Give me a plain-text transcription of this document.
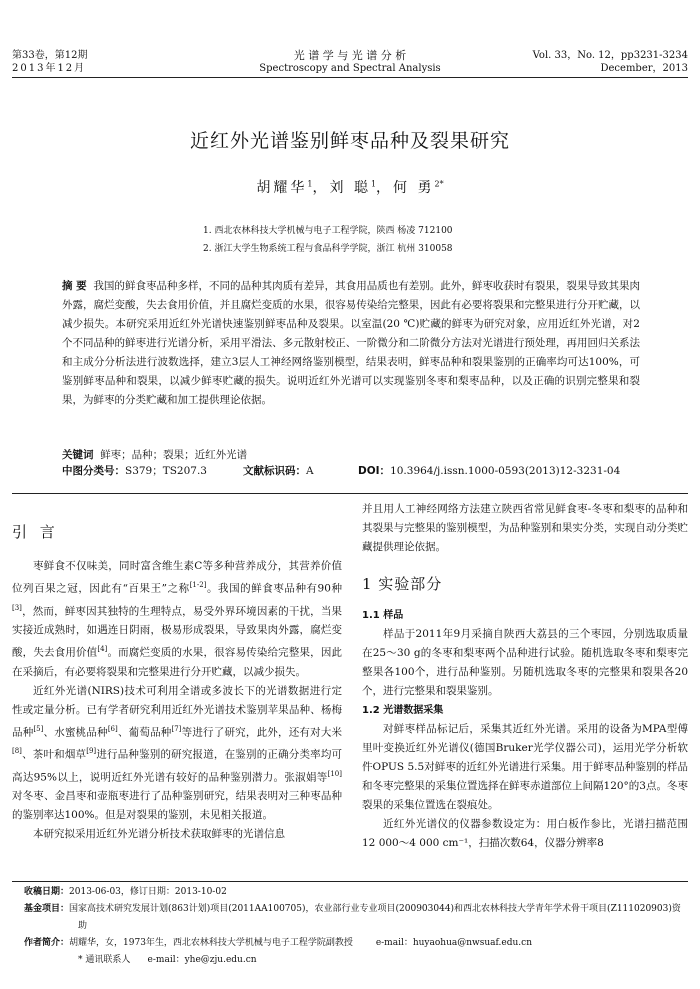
第33卷，第12期
2013年12月
光 谱 学 与 光 谱 分 析
Spectroscopy and Spectral Analysis
Vol. 33，No. 12，pp3231-3234
December，2013
近红外光谱鉴别鲜枣品种及裂果研究
胡耀华$^1$，刘 聪$^1$，何 勇$^{2*}$
1. 西北农林科技大学机械与电子工程学院，陕西 杨凌 712100
2. 浙江大学生物系统工程与食品科学学院，浙江 杭州 310058
摘 要 我国的鲜食枣品种多样，不同的品种其肉质有差异，其食用品质也有差别。此外，鲜枣收获时有裂果，裂果导致其果肉外露，腐烂变酸，失去食用价值，并且腐烂变质的水果，很容易传染给完整果，因此有必要将裂果和完整果进行分开贮藏，以减少损失。本研究采用近红外光谱快速鉴别鲜枣品种及裂果。以室温(20 ℃)贮藏的鲜枣为研究对象，应用近红外光谱，对2个不同品种的鲜枣进行光谱分析，采用平滑法、多元散射校正、一阶微分和二阶微分方法对光谱进行预处理，再用回归关系法和主成分分析法进行波数选择，建立3层人工神经网络鉴别模型，结果表明，鲜枣品种和裂果鉴别的正确率均可达100%，可鉴别鲜枣品种和裂果，以减少鲜枣贮藏的损失。说明近红外光谱可以实现鉴别冬枣和梨枣品种，以及正确的识别完整果和裂果，为鲜枣的分类贮藏和加工提供理论依据。
关键词 鲜枣；品种；裂果；近红外光谱
中图分类号：S379；TS207.3	文献标识码：A	DOI：10.3964/j.issn.1000-0593(2013)12-3231-04
引 言

枣鲜食不仅味美，同时富含维生素C等多种营养成分，其营养价值位列百果之冠，因此有“百果王”之称[1-2]。我国的鲜食枣品种有90种[3]，然而，鲜枣因其独特的生理特点，易受外界环境因素的干扰，当果实接近成熟时，如遇连日阴雨，极易形成裂果，导致果肉外露，腐烂变酸，失去食用价值[4]。而腐烂变质的水果，很容易传染给完整果，因此在采摘后，有必要将裂果和完整果进行分开贮藏，以减少损失。

近红外光谱(NIRS)技术可利用全谱或多波长下的光谱数据进行定性或定量分析。已有学者研究利用近红外光谱技术鉴别苹果品种、杨梅品种[5]、水蜜桃品种[6]、葡萄品种[7]等进行了研究，此外，还有对大米[8]、茶叶和烟草[9]进行品种鉴别的研究报道，在鉴别的正确分类率均可高达95%以上，说明近红外光谱有较好的品种鉴别潜力。张淑娟等[10]对冬枣、金昌枣和壶瓶枣进行了品种鉴别研究，结果表明对三种枣品种的鉴别率达100%。但是对裂果的鉴别，未见相关报道。

本研究拟采用近红外光谱分析技术获取鲜枣的光谱信息

并且用人工神经网络方法建立陕西省常见鲜食枣-冬枣和梨枣的品种和其裂果与完整果的鉴别模型，为品种鉴别和果实分类，实现自动分类贮藏提供理论依据。

1 实验部分
1.1 样品

样品于2011年9月采摘自陕西大荔县的三个枣园，分别选取质量在25～30 g的冬枣和梨枣两个品种进行试验。随机选取冬枣和梨枣完整果各100个，进行品种鉴别。另随机选取冬枣的完整果和裂果各20个，进行完整果和裂果鉴别。

1.2 光谱数据采集

对鲜枣样品标记后，采集其近红外光谱。采用的设备为MPA型傅里叶变换近红外光谱仪(德国Bruker光学仪器公司)，运用光学分析软件OPUS 5.5对鲜枣的近红外光谱进行采集。用于鲜枣品种鉴别的样品和冬枣完整果的采集位置选择在鲜枣赤道部位上间隔120°的3点。冬枣裂果的采集位置选在裂痕处。

近红外光谱仪的仪器参数设定为：用白板作参比，光谱扫描范围12 000～4 000 cm⁻¹，扫描次数64，仪器分辨率8

收稿日期：2013-06-03，修订日期：2013-10-02
基金项目：国家高技术研究发展计划(863计划)项目(2011AA100705)，农业部行业专业项目(200903044)和西北农林科技大学青年学术骨干项目(Z111020903)资助
作者简介：胡耀华，女，1973年生，西北农林科技大学机械与电子工程学院副教授	e-mail：huyaohua@nwsuaf.edu.cn
* 通讯联系人 e-mail：yhe@zju.edu.cn
